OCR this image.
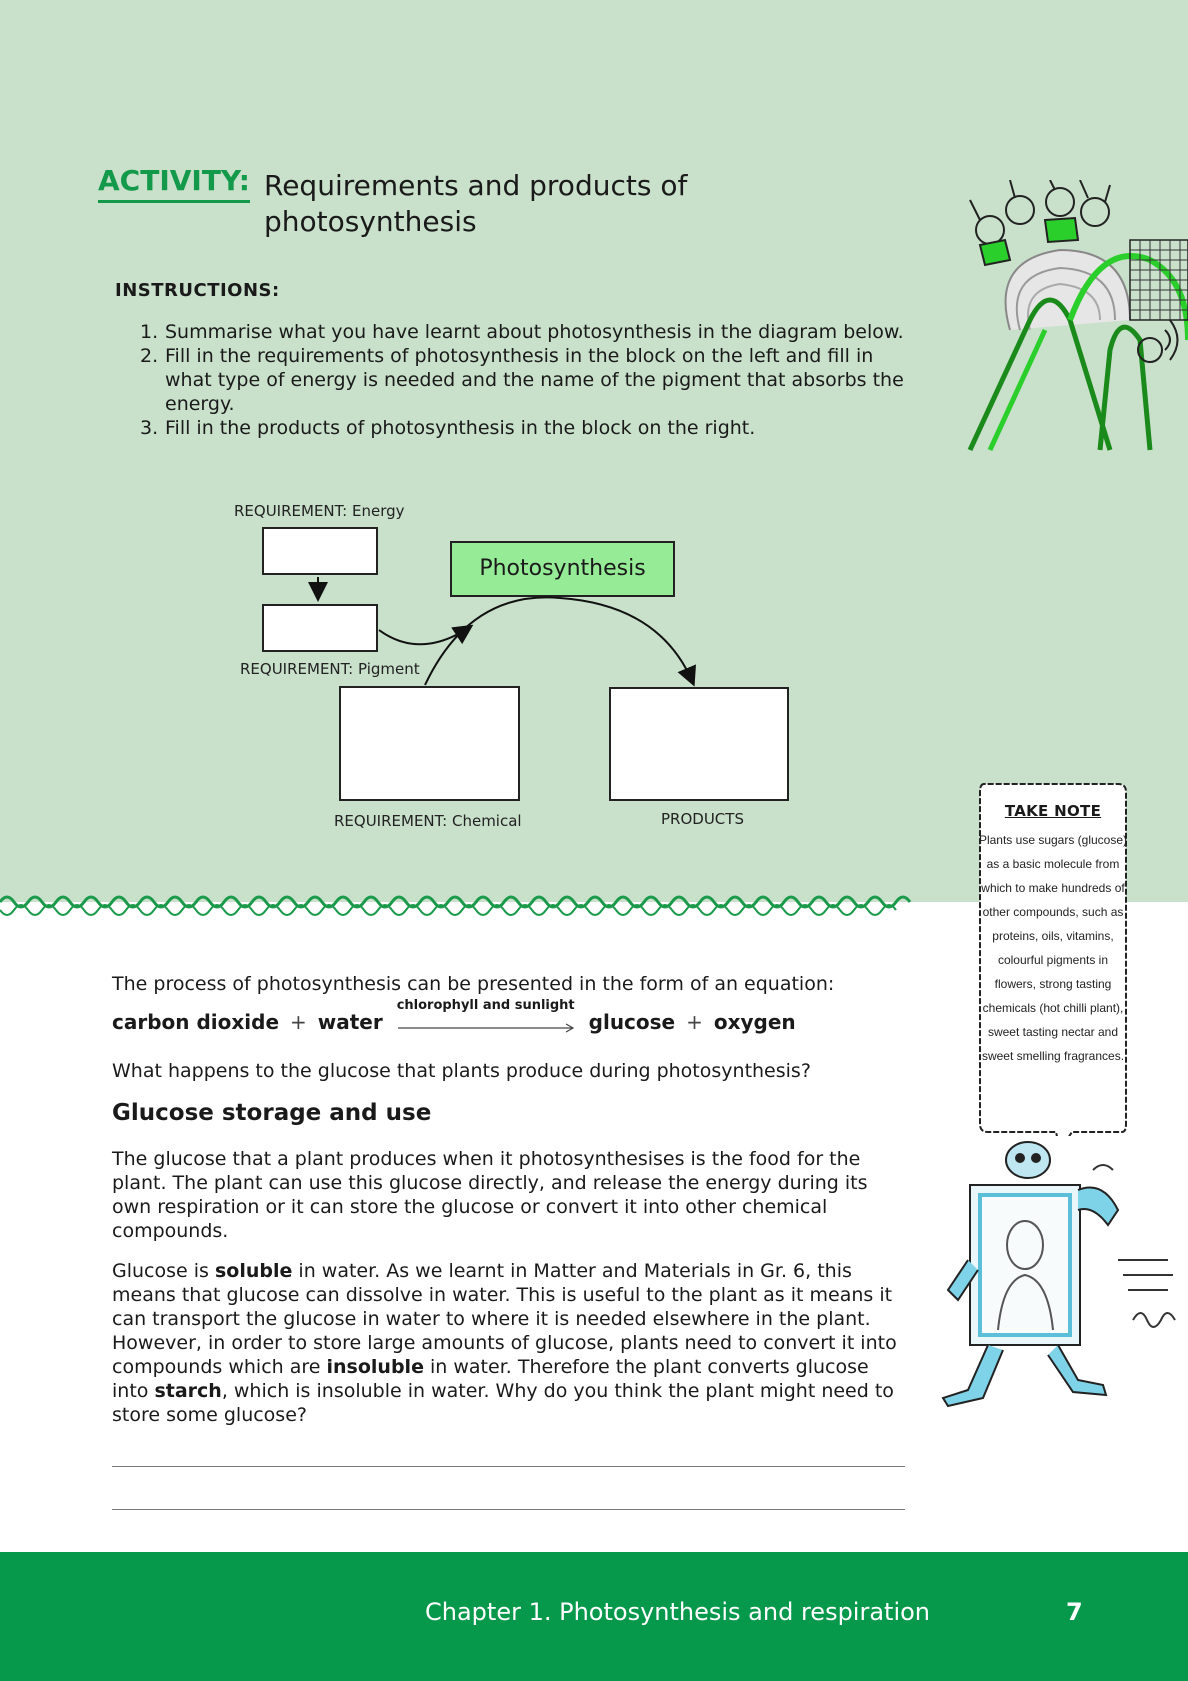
ACTIVITY: Requirements and products of photosynthesis
INSTRUCTIONS:
1. Summarise what you have learnt about photosynthesis in the diagram below.
2. Fill in the requirements of photosynthesis in the block on the left and fill in what type of energy is needed and the name of the pigment that absorbs the energy.
3. Fill in the products of photosynthesis in the block on the right.
REQUIREMENT: Energy
REQUIREMENT: Pigment
Photosynthesis
REQUIREMENT: Chemical	PRODUCTS	TAKE NOTE
Plants use sugars (glucose) as a basic molecule from which to make hundreds of other compounds, such as proteins, oils, vitamins, colourful pigments in flowers, strong tasting chemicals (hot chilli plant), sweet tasting nectar and sweet smelling fragrances.
The process of photosynthesis can be presented in the form of an equation:
carbon dioxide + water
chlorophyll and sunlight
glucose + oxygen
What happens to the glucose that plants produce during photosynthesis?
Glucose storage and use
The glucose that a plant produces when it photosynthesises is the food for the plant. The plant can use this glucose directly, and release the energy during its own respiration or it can store the glucose or convert it into other chemical compounds.
Glucose is soluble in water. As we learnt in Matter and Materials in Gr. 6, this means that glucose can dissolve in water. This is useful to the plant as it means it can transport the glucose in water to where it is needed elsewhere in the plant. However, in order to store large amounts of glucose, plants need to convert it into compounds which are insoluble in water. Therefore the plant converts glucose into starch, which is insoluble in water. Why do you think the plant might need to store some glucose?
Chapter 1. Photosynthesis and respiration	7
